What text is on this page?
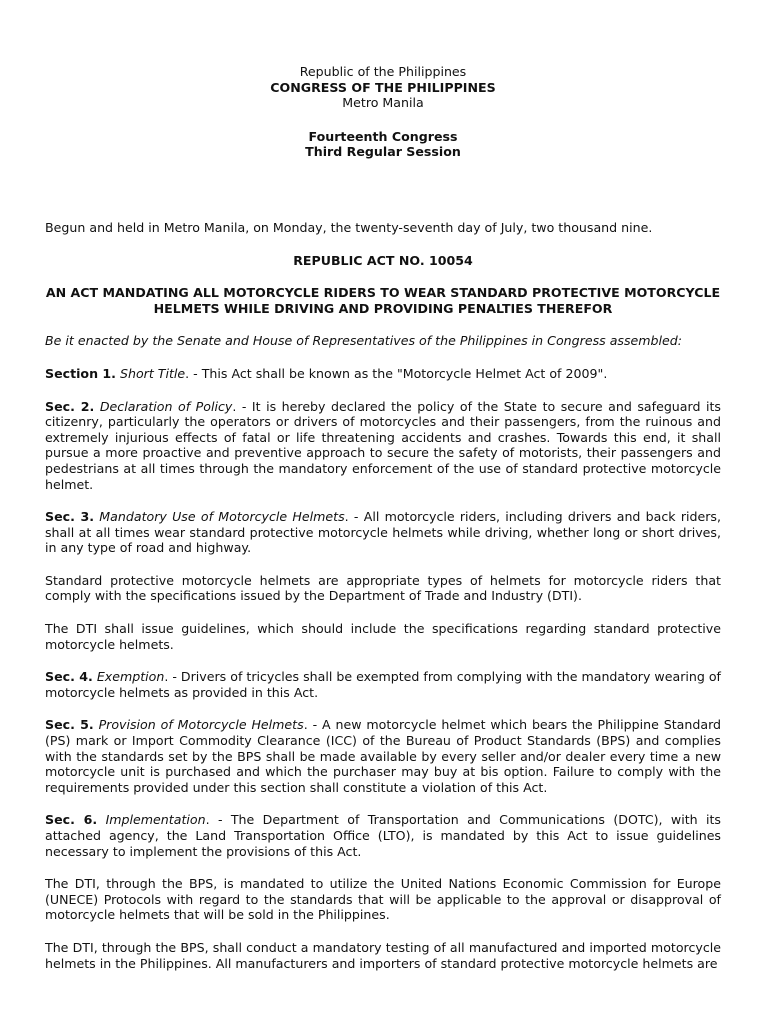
Republic of the Philippines
CONGRESS OF THE PHILIPPINES
Metro Manila
Fourteenth Congress
Third Regular Session

Begun and held in Metro Manila, on Monday, the twenty-seventh day of July, two thousand nine.

REPUBLIC ACT NO. 10054
AN ACT MANDATING ALL MOTORCYCLE RIDERS TO WEAR STANDARD PROTECTIVE MOTORCYCLE HELMETS WHILE DRIVING AND PROVIDING PENALTIES THEREFOR

Be it enacted by the Senate and House of Representatives of the Philippines in Congress assembled:

Section 1. Short Title. - This Act shall be known as the "Motorcycle Helmet Act of 2009".

Sec. 2. Declaration of Policy. - It is hereby declared the policy of the State to secure and safeguard its citizenry, particularly the operators or drivers of motorcycles and their passengers, from the ruinous and extremely injurious effects of fatal or life threatening accidents and crashes. Towards this end, it shall pursue a more proactive and preventive approach to secure the safety of motorists, their passengers and pedestrians at all times through the mandatory enforcement of the use of standard protective motorcycle helmet.

Sec. 3. Mandatory Use of Motorcycle Helmets. - All motorcycle riders, including drivers and back riders, shall at all times wear standard protective motorcycle helmets while driving, whether long or short drives, in any type of road and highway.

Standard protective motorcycle helmets are appropriate types of helmets for motorcycle riders that comply with the specifications issued by the Department of Trade and Industry (DTI).

The DTI shall issue guidelines, which should include the specifications regarding standard protective motorcycle helmets.

Sec. 4. Exemption. - Drivers of tricycles shall be exempted from complying with the mandatory wearing of motorcycle helmets as provided in this Act.

Sec. 5. Provision of Motorcycle Helmets. - A new motorcycle helmet which bears the Philippine Standard (PS) mark or Import Commodity Clearance (ICC) of the Bureau of Product Standards (BPS) and complies with the standards set by the BPS shall be made available by every seller and/or dealer every time a new motorcycle unit is purchased and which the purchaser may buy at bis option. Failure to comply with the requirements provided under this section shall constitute a violation of this Act.

Sec. 6. Implementation. - The Department of Transportation and Communications (DOTC), with its attached agency, the Land Transportation Office (LTO), is mandated by this Act to issue guidelines necessary to implement the provisions of this Act.

The DTI, through the BPS, is mandated to utilize the United Nations Economic Commission for Europe (UNECE) Protocols with regard to the standards that will be applicable to the approval or disapproval of motorcycle helmets that will be sold in the Philippines.

The DTI, through the BPS, shall conduct a mandatory testing of all manufactured and imported motorcycle helmets in the Philippines. All manufacturers and importers of standard protective motorcycle helmets are
